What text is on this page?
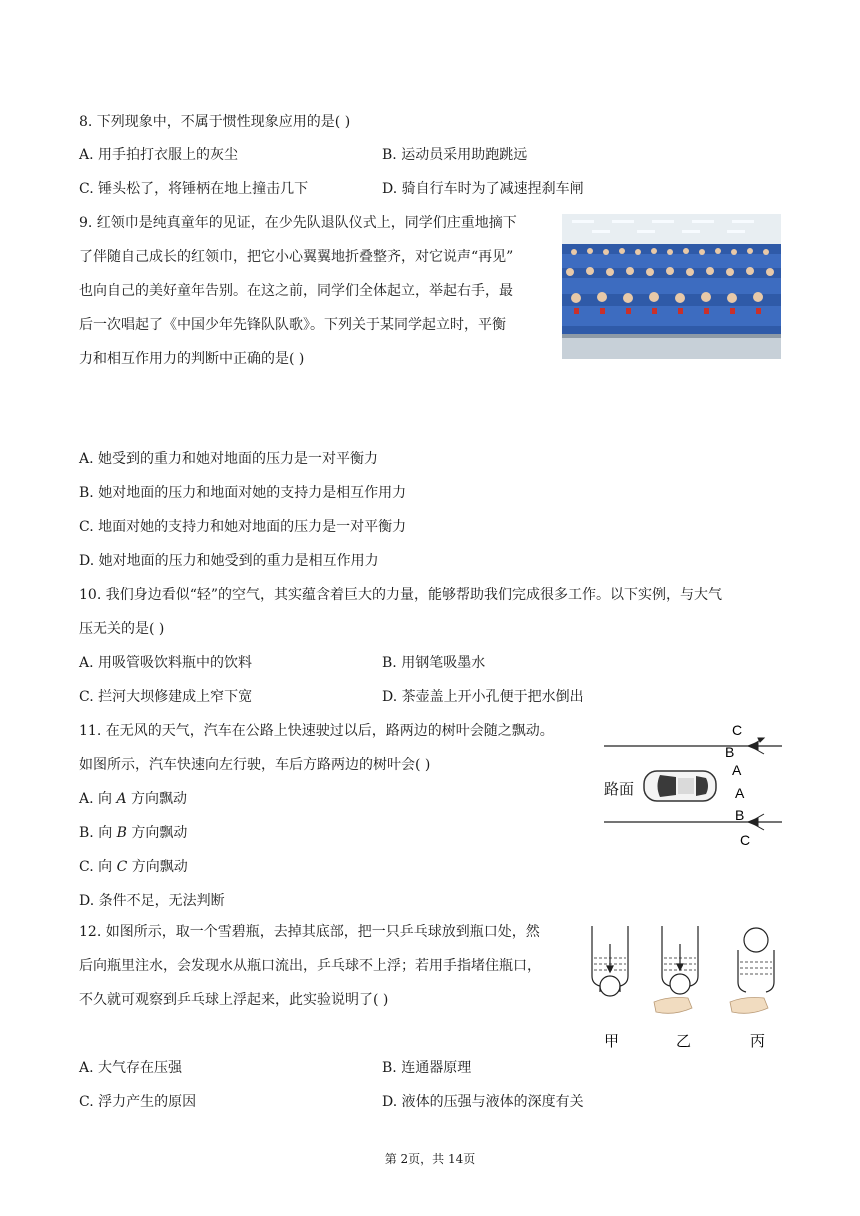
8. 下列现象中，不属于惯性现象应用的是( )
A. 用手拍打衣服上的灰尘	B. 运动员采用助跑跳远
C. 锤头松了，将锤柄在地上撞击几下	D. 骑自行车时为了减速捏刹车闸
9. 红领巾是纯真童年的见证，在少先队退队仪式上，同学们庄重地摘下
了伴随自己成长的红领巾，把它小心翼翼地折叠整齐，对它说声“再见”
也向自己的美好童年告别。在这之前，同学们全体起立，举起右手，最
后一次唱起了《中国少年先锋队队歌》。下列关于某同学起立时，平衡
力和相互作用力的判断中正确的是( )
A. 她受到的重力和她对地面的压力是一对平衡力
B. 她对地面的压力和地面对她的支持力是相互作用力
C. 地面对她的支持力和她对地面的压力是一对平衡力
D. 她对地面的压力和她受到的重力是相互作用力
10. 我们身边看似“轻”的空气，其实蕴含着巨大的力量，能够帮助我们完成很多工作。以下实例，与大气
压无关的是( )
A. 用吸管吸饮料瓶中的饮料	B. 用钢笔吸墨水
C. 拦河大坝修建成上窄下宽	D. 茶壶盖上开小孔便于把水倒出
11. 在无风的天气，汽车在公路上快速驶过以后，路两边的树叶会随之飘动。
如图所示，汽车快速向左行驶，车后方路两边的树叶会( )
A. 向 A 方向飘动
B. 向 B 方向飘动
C. 向 C 方向飘动
D. 条件不足，无法判断
路面
C
B
A
A
B
C
12. 如图所示，取一个雪碧瓶，去掉其底部，把一只乒乓球放到瓶口处，然
后向瓶里注水，会发现水从瓶口流出，乒乓球不上浮；若用手指堵住瓶口，
不久就可观察到乒乓球上浮起来，此实验说明了( )
甲	乙	丙
A. 大气存在压强	B. 连通器原理
C. 浮力产生的原因	D. 液体的压强与液体的深度有关
第 2页，共 14页
